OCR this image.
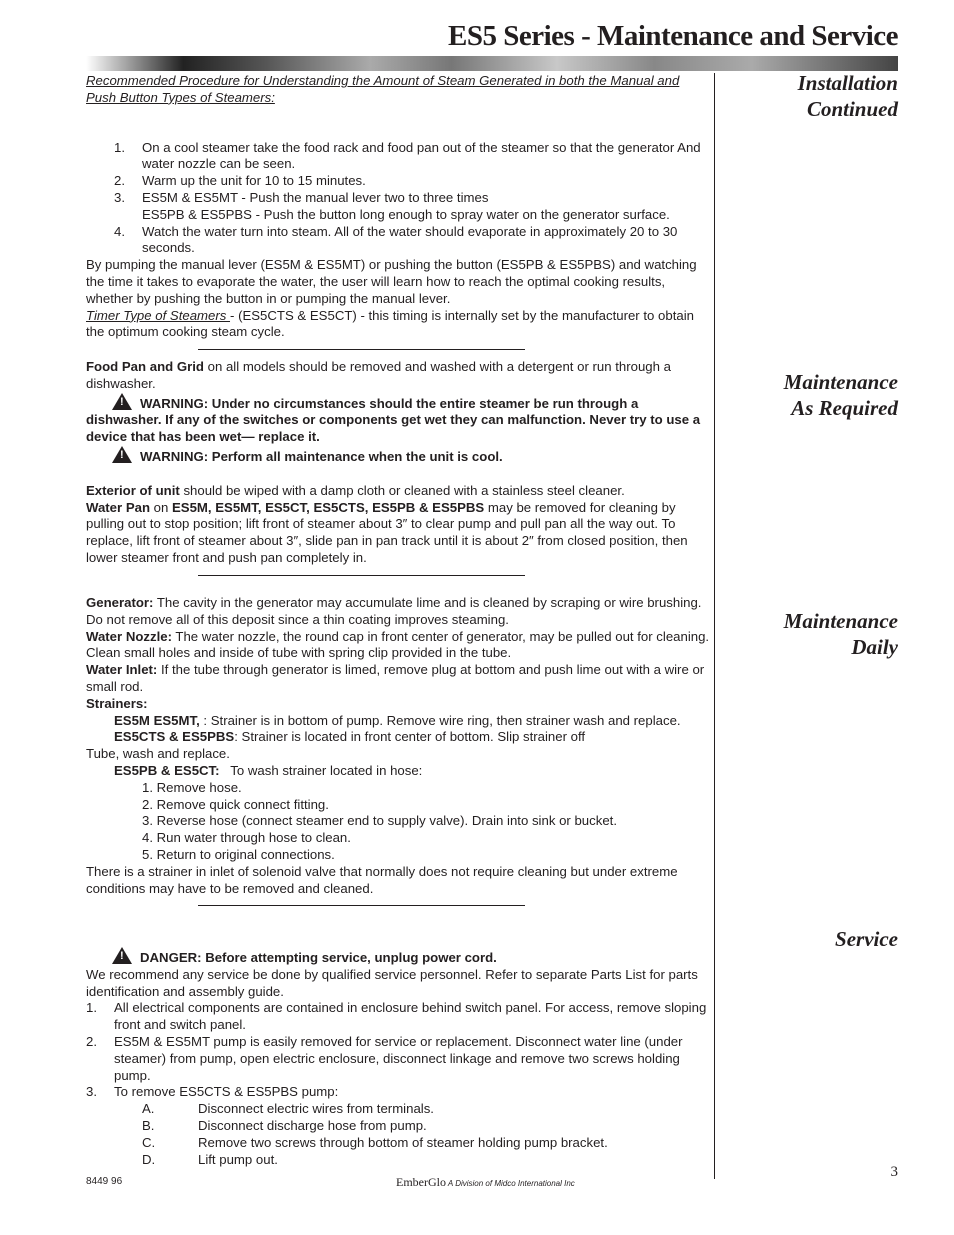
ES5 Series - Maintenance and Service
Installation
Continued
Maintenance
As Required
Maintenance
Daily
Service

Recommended Procedure for Understanding the Amount of Steam Generated in both the Manual and Push Button Types of Steamers:

1.	On a cool steamer take the food rack and food pan out of the steamer so that the generator And water nozzle can be seen.
2.	Warm up the unit for 10 to 15 minutes.
3.	ES5M & ES5MT - Push the manual lever two to three times
ES5PB & ES5PBS - Push the button long enough to spray water on the generator surface.
4.	Watch the water turn into steam. All of the water should evaporate in approximately 20 to 30 seconds.

By pumping the manual lever (ES5M & ES5MT) or pushing the button (ES5PB & ES5PBS) and watching the time it takes to evaporate the water, the user will learn how to reach the optimal cooking results, whether by pushing the button in or pumping the manual lever.

Timer Type of Steamers - (ES5CTS & ES5CT) - this timing is internally set by the manufacturer to obtain the optimum cooking steam cycle.

Food Pan and Grid on all models should be removed and washed with a detergent or run through a dishwasher.

!WARNING: Under no circumstances should the entire steamer be run through a dishwasher. If any of the switches or components get wet they can malfunction. Never try to use a device that has been wet— replace it.

!WARNING: Perform all maintenance when the unit is cool.

Exterior of unit should be wiped with a damp cloth or cleaned with a stainless steel cleaner.

Water Pan on ES5M, ES5MT, ES5CT, ES5CTS, ES5PB & ES5PBS may be removed for cleaning by pulling out to stop position; lift front of steamer about 3″ to clear pump and pull pan all the way out. To replace, lift front of steamer about 3″, slide pan in pan track until it is about 2″ from closed position, then lower steamer front and push pan completely in.

Generator: The cavity in the generator may accumulate lime and is cleaned by scraping or wire brushing. Do not remove all of this deposit since a thin coating improves steaming.

Water Nozzle: The water nozzle, the round cap in front center of generator, may be pulled out for cleaning. Clean small holes and inside of tube with spring clip provided in the tube.

Water Inlet: If the tube through generator is limed, remove plug at bottom and push lime out with a wire or small rod.

Strainers:

ES5M ES5MT, : Strainer is in bottom of pump. Remove wire ring, then strainer wash and replace.

ES5CTS & ES5PBS: Strainer is located in front center of bottom. Slip strainer off

Tube, wash and replace.

ES5PB & ES5CT:   To wash strainer located in hose:

1. Remove hose.

2. Remove quick connect fitting.

3. Reverse hose (connect steamer end to supply valve). Drain into sink or bucket.

4. Run water through hose to clean.

5. Return to original connections.

There is a strainer in inlet of solenoid valve that normally does not require cleaning but under extreme conditions may have to be removed and cleaned.

!DANGER: Before attempting service, unplug power cord.

We recommend any service be done by qualified service personnel. Refer to separate Parts List for parts identification and assembly guide.

1.	All electrical components are contained in enclosure behind switch panel. For access, remove sloping front and switch panel.
2.	ES5M & ES5MT pump is easily removed for service or replacement. Disconnect water line (under steamer) from pump, open electric enclosure, disconnect linkage and remove two screws holding pump.
3.	To remove ES5CTS & ES5PBS pump:
A.	Disconnect electric wires from terminals.
B.	Disconnect discharge hose from pump.
C.	Remove two screws through bottom of steamer holding pump bracket.
D.	Lift pump out.
8449 96	EmberGlo A Division of Midco International Inc
3
